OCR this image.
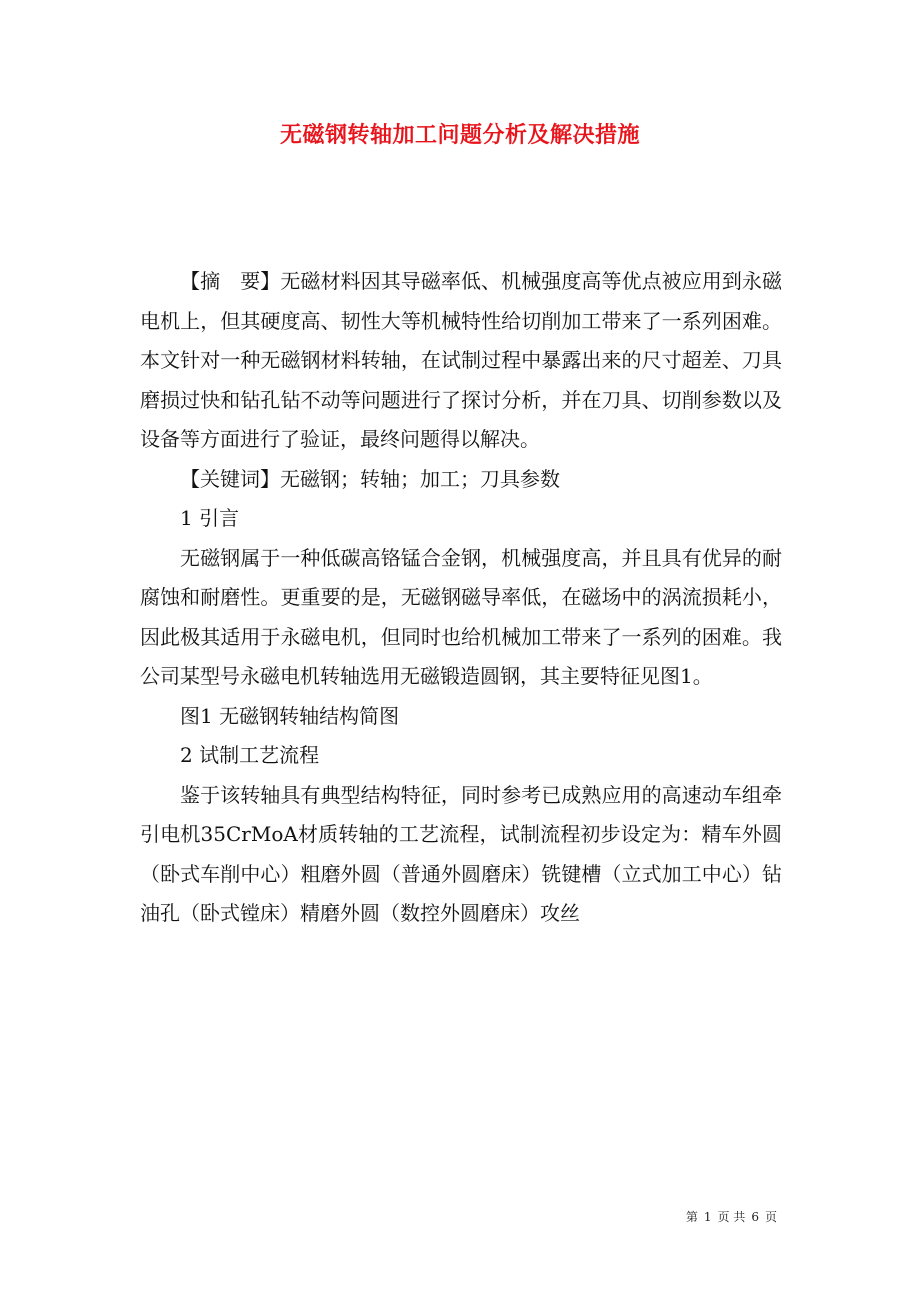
无磁钢转轴加工问题分析及解决措施

【摘　要】无磁材料因其导磁率低、机械强度高等优点被应用到永磁电机上，但其硬度高、韧性大等机械特性给切削加工带来了一系列困难。本文针对一种无磁钢材料转轴，在试制过程中暴露出来的尺寸超差、刀具磨损过快和钻孔钻不动等问题进行了探讨分析，并在刀具、切削参数以及设备等方面进行了验证，最终问题得以解决。

【关键词】无磁钢；转轴；加工；刀具参数

1 引言

无磁钢属于一种低碳高铬锰合金钢，机械强度高，并且具有优异的耐腐蚀和耐磨性。更重要的是，无磁钢磁导率低，在磁场中的涡流损耗小，因此极其适用于永磁电机，但同时也给机械加工带来了一系列的困难。我公司某型号永磁电机转轴选用无磁锻造圆钢，其主要特征见图1。

图1 无磁钢转轴结构简图

2 试制工艺流程

鉴于该转轴具有典型结构特征，同时参考已成熟应用的高速动车组牵引电机35CrMoA材质转轴的工艺流程，试制流程初步设定为：精车外圆（卧式车削中心）粗磨外圆（普通外圆磨床）铣键槽（立式加工中心）钻油孔（卧式镗床）精磨外圆（数控外圆磨床）攻丝

第 1 页 共 6 页
